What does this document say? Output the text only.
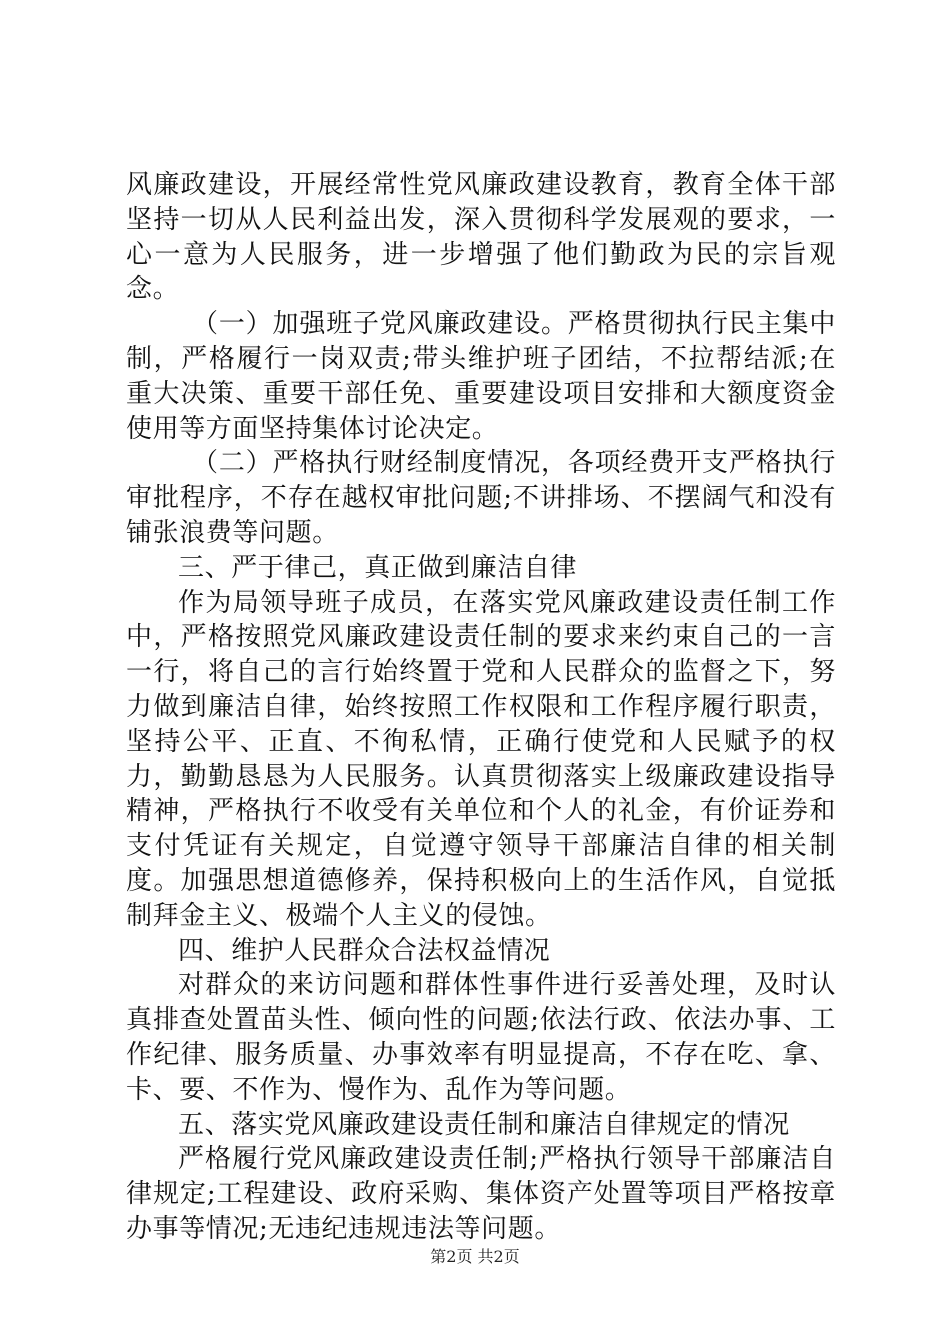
风廉政建设，开展经常性党风廉政建设教育，教育全体干部坚持一切从人民利益出发，深入贯彻科学发展观的要求，一心一意为人民服务，进一步增强了他们勤政为民的宗旨观念。

（一）加强班子党风廉政建设。严格贯彻执行民主集中制，严格履行一岗双责;带头维护班子团结，不拉帮结派;在重大决策、重要干部任免、重要建设项目安排和大额度资金使用等方面坚持集体讨论决定。

（二）严格执行财经制度情况，各项经费开支严格执行审批程序，不存在越权审批问题;不讲排场、不摆阔气和没有铺张浪费等问题。

三、严于律己，真正做到廉洁自律

作为局领导班子成员，在落实党风廉政建设责任制工作中，严格按照党风廉政建设责任制的要求来约束自己的一言一行，将自己的言行始终置于党和人民群众的监督之下，努力做到廉洁自律，始终按照工作权限和工作程序履行职责，坚持公平、正直、不徇私情，正确行使党和人民赋予的权力，勤勤恳恳为人民服务。认真贯彻落实上级廉政建设指导精神，严格执行不收受有关单位和个人的礼金，有价证券和支付凭证有关规定，自觉遵守领导干部廉洁自律的相关制度。加强思想道德修养，保持积极向上的生活作风，自觉抵制拜金主义、极端个人主义的侵蚀。

四、维护人民群众合法权益情况

对群众的来访问题和群体性事件进行妥善处理，及时认真排查处置苗头性、倾向性的问题;依法行政、依法办事、工作纪律、服务质量、办事效率有明显提高，不存在吃、拿、卡、要、不作为、慢作为、乱作为等问题。

五、落实党风廉政建设责任制和廉洁自律规定的情况

严格履行党风廉政建设责任制;严格执行领导干部廉洁自律规定;工程建设、政府采购、集体资产处置等项目严格按章办事等情况;无违纪违规违法等问题。

第2页 共2页
